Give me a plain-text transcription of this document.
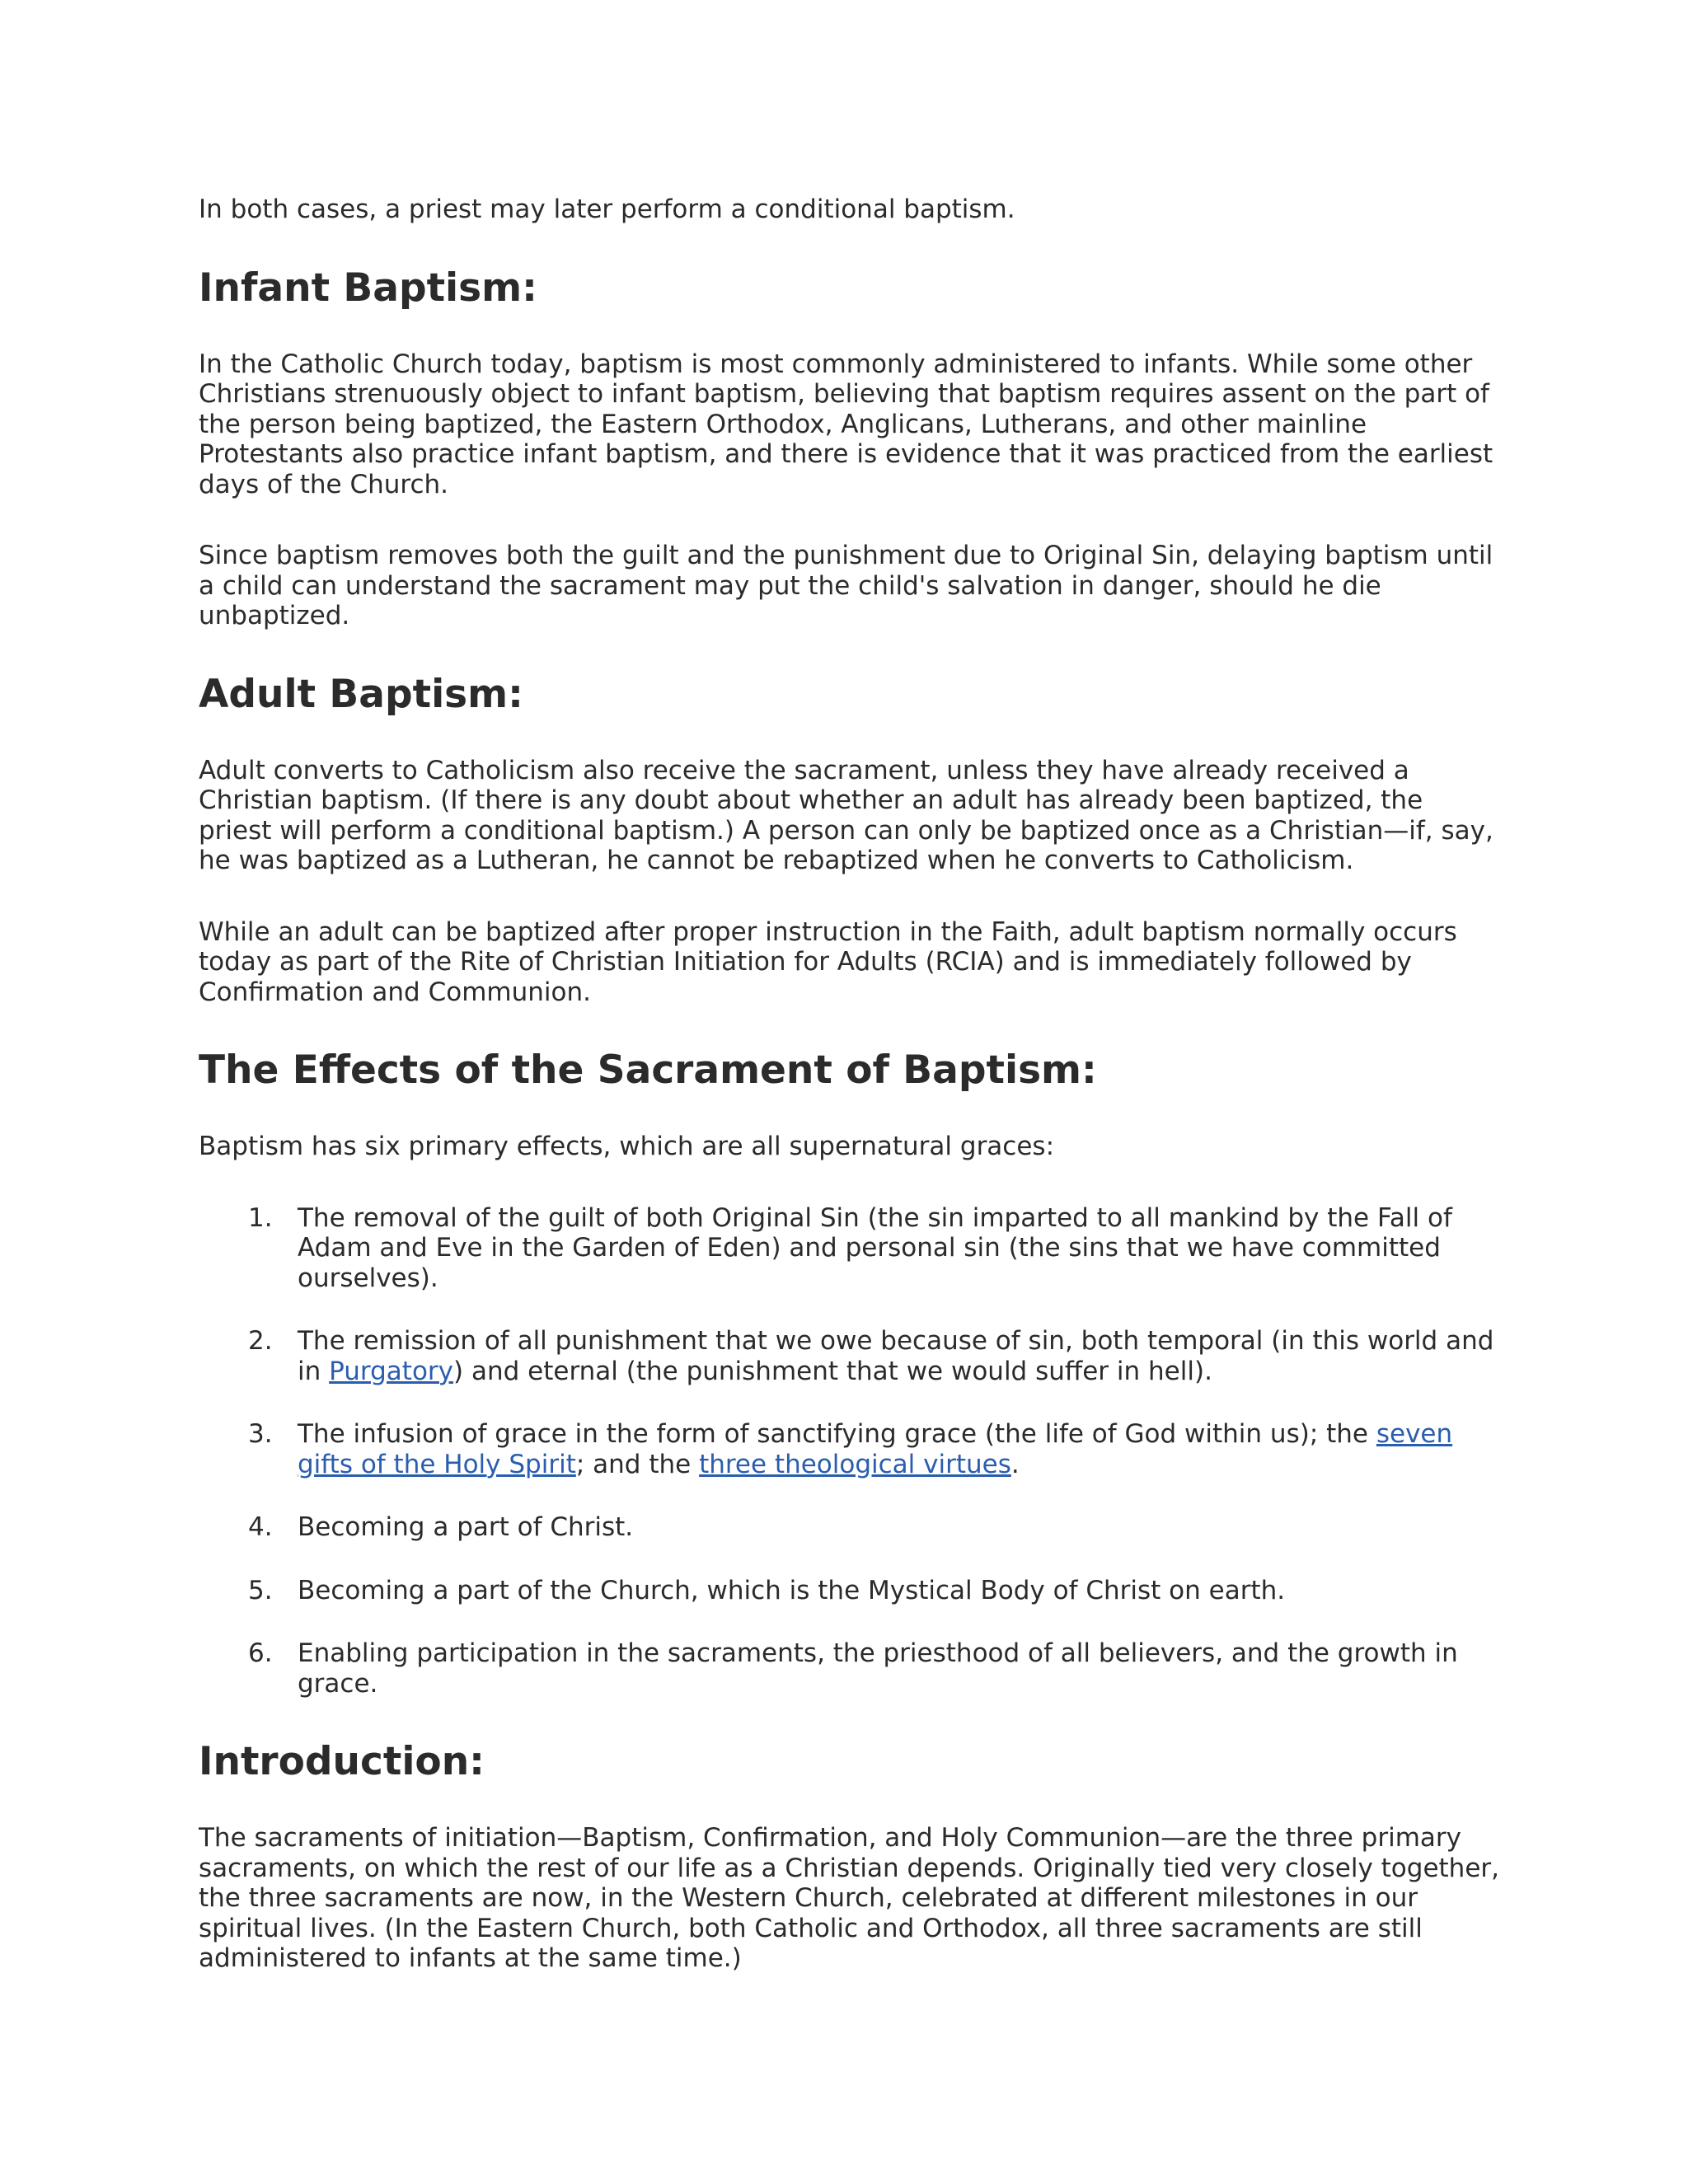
In both cases, a priest may later perform a conditional baptism.

Infant Baptism:

In the Catholic Church today, baptism is most commonly administered to infants. While some other Christians strenuously object to infant baptism, believing that baptism requires assent on the part of the person being baptized, the Eastern Orthodox, Anglicans, Lutherans, and other mainline Protestants also practice infant baptism, and there is evidence that it was practiced from the earliest days of the Church.

Since baptism removes both the guilt and the punishment due to Original Sin, delaying baptism until a child can understand the sacrament may put the child's salvation in danger, should he die unbaptized.

Adult Baptism:

Adult converts to Catholicism also receive the sacrament, unless they have already received a Christian baptism. (If there is any doubt about whether an adult has already been baptized, the priest will perform a conditional baptism.) A person can only be baptized once as a Christian—if, say, he was baptized as a Lutheran, he cannot be rebaptized when he converts to Catholicism.

While an adult can be baptized after proper instruction in the Faith, adult baptism normally occurs today as part of the Rite of Christian Initiation for Adults (RCIA) and is immediately followed by Confirmation and Communion.

The Effects of the Sacrament of Baptism:

Baptism has six primary effects, which are all supernatural graces:

1. The removal of the guilt of both Original Sin (the sin imparted to all mankind by the Fall of Adam and Eve in the Garden of Eden) and personal sin (the sins that we have committed ourselves).
2. The remission of all punishment that we owe because of sin, both temporal (in this world and in Purgatory) and eternal (the punishment that we would suffer in hell).
3. The infusion of grace in the form of sanctifying grace (the life of God within us); the seven gifts of the Holy Spirit; and the three theological virtues.
4. Becoming a part of Christ.
5. Becoming a part of the Church, which is the Mystical Body of Christ on earth.
6. Enabling participation in the sacraments, the priesthood of all believers, and the growth in grace.
Introduction:

The sacraments of initiation—Baptism, Confirmation, and Holy Communion—are the three primary sacraments, on which the rest of our life as a Christian depends. Originally tied very closely together, the three sacraments are now, in the Western Church, celebrated at different milestones in our spiritual lives. (In the Eastern Church, both Catholic and Orthodox, all three sacraments are still administered to infants at the same time.)
